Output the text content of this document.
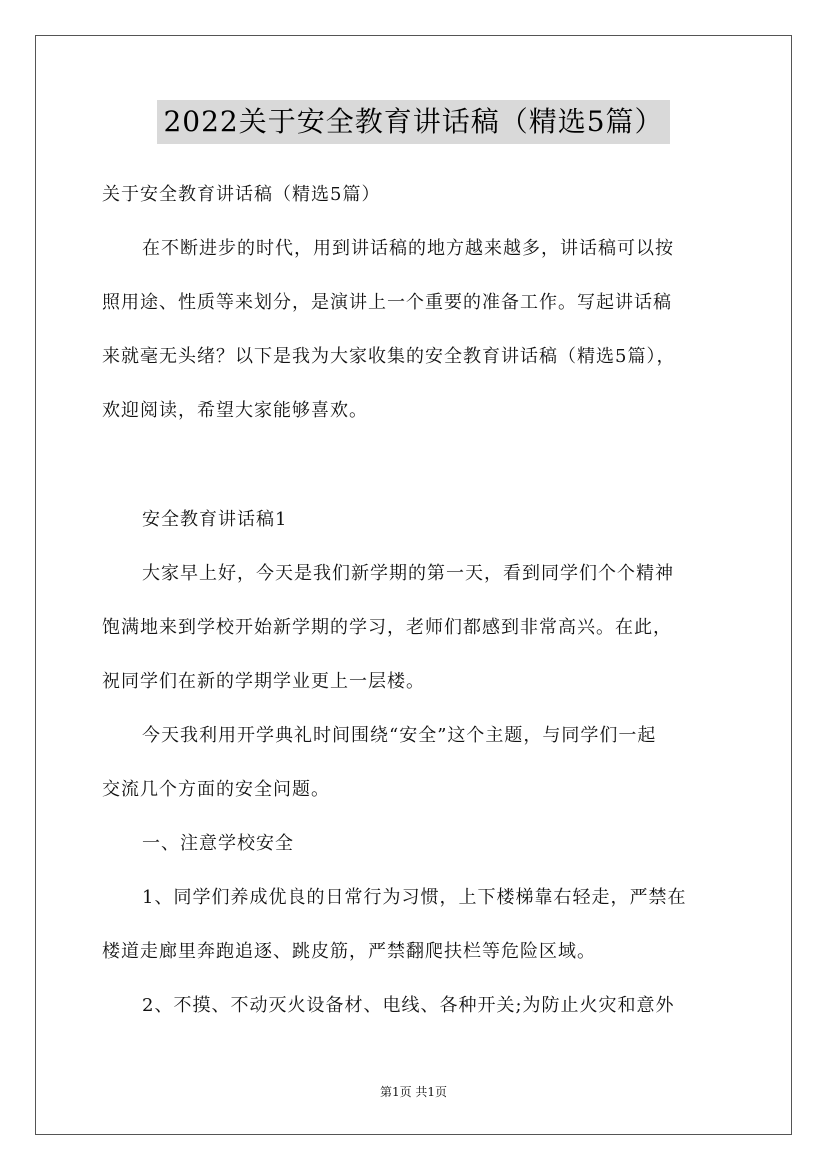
2022关于安全教育讲话稿（精选5篇）
关于安全教育讲话稿（精选5篇）
在不断进步的时代，用到讲话稿的地方越来越多，讲话稿可以按
照用途、性质等来划分，是演讲上一个重要的准备工作。写起讲话稿
来就毫无头绪？以下是我为大家收集的安全教育讲话稿（精选5篇），
欢迎阅读，希望大家能够喜欢。
安全教育讲话稿1
大家早上好，今天是我们新学期的第一天，看到同学们个个精神
饱满地来到学校开始新学期的学习，老师们都感到非常高兴。在此，
祝同学们在新的学期学业更上一层楼。
今天我利用开学典礼时间围绕“安全”这个主题，与同学们一起
交流几个方面的安全问题。
一、注意学校安全
1、同学们养成优良的日常行为习惯，上下楼梯靠右轻走，严禁在
楼道走廊里奔跑追逐、跳皮筋，严禁翻爬扶栏等危险区域。
2、不摸、不动灭火设备材、电线、各种开关;为防止火灾和意外
第1页 共1页
